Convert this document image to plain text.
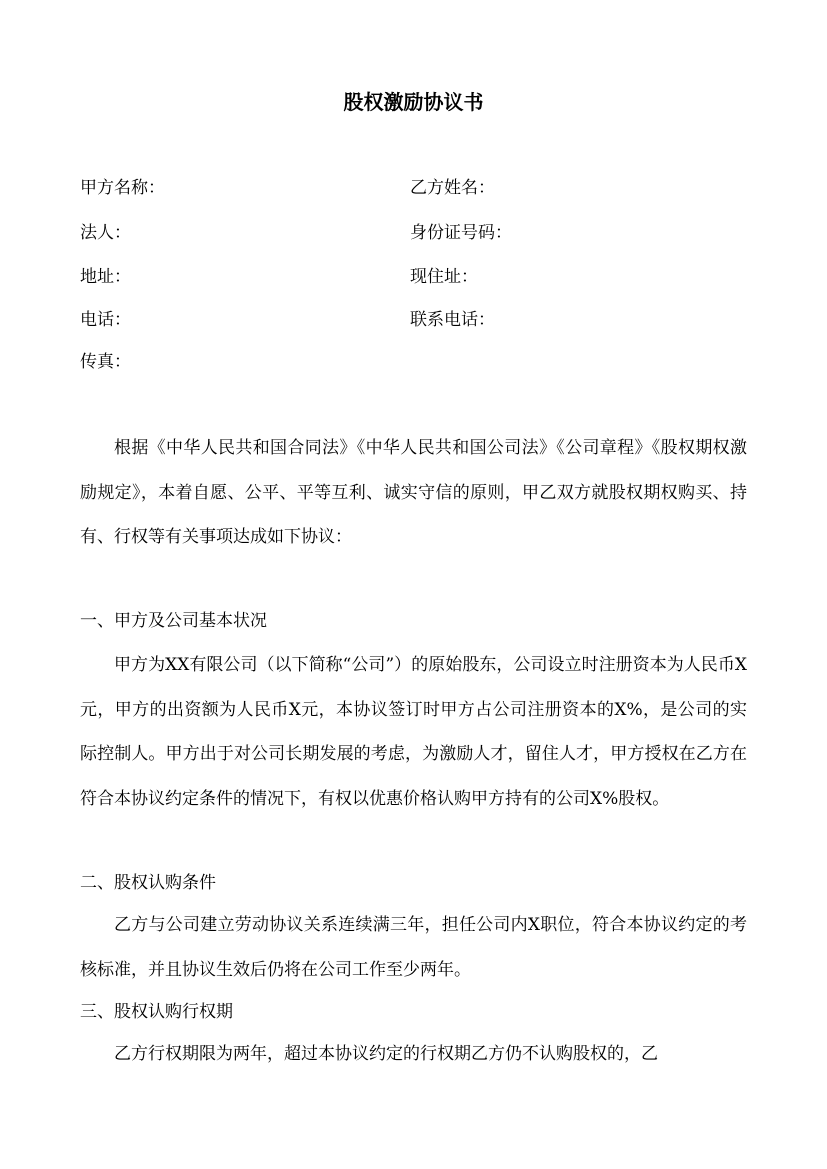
股权激励协议书
甲方名称：	乙方姓名：
法人：	身份证号码：
地址：	现住址：
电话：	联系电话：
传真：

根据《中华人民共和国合同法》《中华人民共和国公司法》《公司章程》《股权期权激励规定》，本着自愿、公平、平等互利、诚实守信的原则，甲乙双方就股权期权购买、持有、行权等有关事项达成如下协议：

一、甲方及公司基本状况

甲方为XX有限公司（以下简称“公司”）的原始股东，公司设立时注册资本为人民币X元，甲方的出资额为人民币X元，本协议签订时甲方占公司注册资本的X%，是公司的实际控制人。甲方出于对公司长期发展的考虑，为激励人才，留住人才，甲方授权在乙方在符合本协议约定条件的情况下，有权以优惠价格认购甲方持有的公司X%股权。

二、股权认购条件

乙方与公司建立劳动协议关系连续满三年，担任公司内X职位，符合本协议约定的考核标准，并且协议生效后仍将在公司工作至少两年。

三、股权认购行权期

乙方行权期限为两年，超过本协议约定的行权期乙方仍不认购股权的，乙
